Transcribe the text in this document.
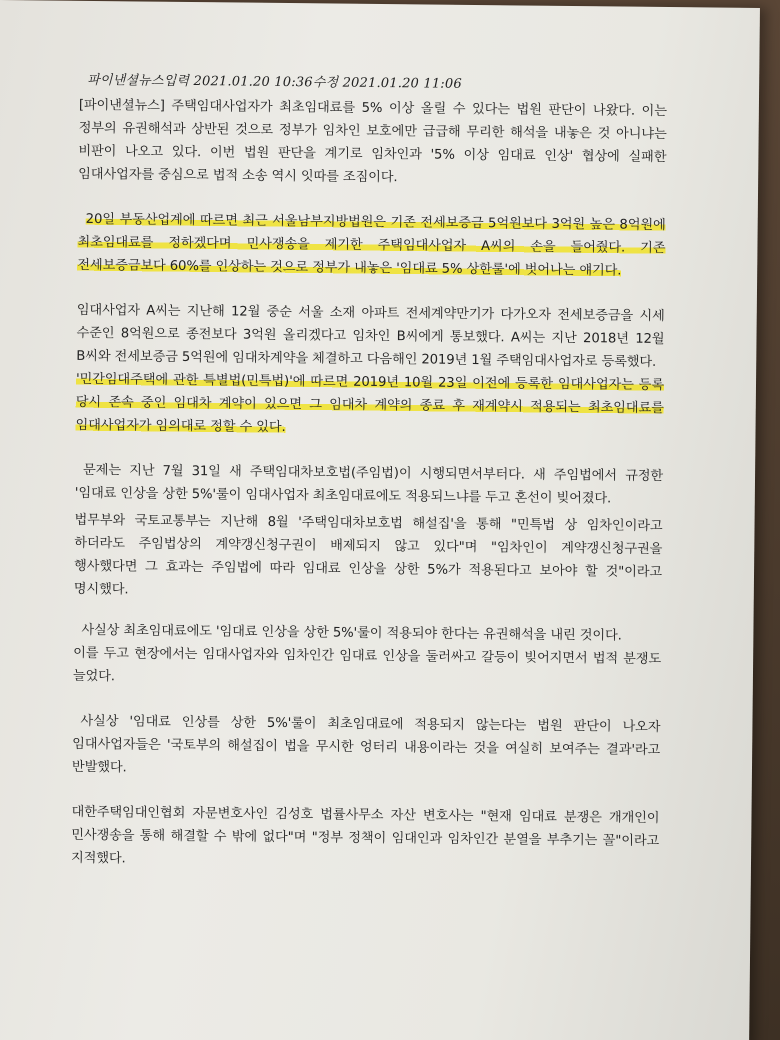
파이낸셜뉴스입력 2021.01.20 10:36수정 2021.01.20 11:06

[파이낸셜뉴스] 주택임대사업자가 최초임대료를 5% 이상 올릴 수 있다는 법원 판단이 나왔다. 이는 정부의 유권해석과 상반된 것으로 정부가 임차인 보호에만 급급해 무리한 해석을 내놓은 것 아니냐는 비판이 나오고 있다. 이번 법원 판단을 계기로 임차인과 '5% 이상 임대료 인상' 협상에 실패한 임대사업자를 중심으로 법적 소송 역시 잇따를 조짐이다.

20일 부동산업계에 따르면 최근 서울남부지방법원은 기존 전세보증금 5억원보다 3억원 높은 8억원에 최초임대료를 정하겠다며 민사쟁송을 제기한 주택임대사업자 A씨의 손을 들어줬다. 기존 전세보증금보다 60%를 인상하는 것으로 정부가 내놓은 '임대료 5% 상한룰'에 벗어나는 얘기다.

임대사업자 A씨는 지난해 12월 중순 서울 소재 아파트 전세계약만기가 다가오자 전세보증금을 시세 수준인 8억원으로 종전보다 3억원 올리겠다고 임차인 B씨에게 통보했다. A씨는 지난 2018년 12월 B씨와 전세보증금 5억원에 임대차계약을 체결하고 다음해인 2019년 1월 주택임대사업자로 등록했다.

'민간임대주택에 관한 특별법(민특법)'에 따르면 2019년 10월 23일 이전에 등록한 임대사업자는 등록 당시 존속 중인 임대차 계약이 있으면 그 임대차 계약의 종료 후 재계약시 적용되는 최초임대료를 임대사업자가 임의대로 정할 수 있다.

문제는 지난 7월 31일 새 주택임대차보호법(주임법)이 시행되면서부터다. 새 주임법에서 규정한 '임대료 인상을 상한 5%'룰이 임대사업자 최초임대료에도 적용되느냐를 두고 혼선이 빚어졌다.

법무부와 국토교통부는 지난해 8월 '주택임대차보호법 해설집'을 통해 "민특법 상 임차인이라고 하더라도 주임법상의 계약갱신청구권이 배제되지 않고 있다"며 "임차인이 계약갱신청구권을 행사했다면 그 효과는 주임법에 따라 임대료 인상을 상한 5%가 적용된다고 보아야 할 것"이라고 명시했다.

사실상 최초임대료에도 '임대료 인상을 상한 5%'룰이 적용되야 한다는 유권해석을 내린 것이다.

이를 두고 현장에서는 임대사업자와 임차인간 임대료 인상을 둘러싸고 갈등이 빚어지면서 법적 분쟁도 늘었다.

사실상 '임대료 인상를 상한 5%'룰이 최초임대료에 적용되지 않는다는 법원 판단이 나오자 임대사업자들은 '국토부의 해설집이 법을 무시한 엉터리 내용이라는 것을 여실히 보여주는 결과'라고 반발했다.

대한주택임대인협회 자문변호사인 김성호 법률사무소 자산 변호사는 "현재 임대료 분쟁은 개개인이 민사쟁송을 통해 해결할 수 밖에 없다"며 "정부 정책이 임대인과 임차인간 분열을 부추기는 꼴"이라고 지적했다.
